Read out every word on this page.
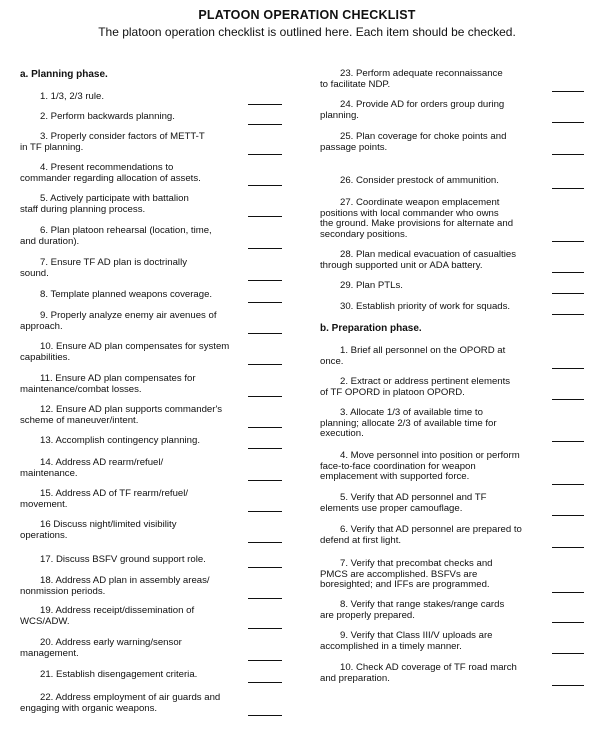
PLATOON OPERATION CHECKLIST
The platoon operation checklist is outlined here. Each item should be checked.
a. Planning phase.
1. 1/3, 2/3 rule.
2. Perform backwards planning.
3. Properly consider factors of METT-T
in TF planning.
4. Present recommendations to
commander regarding allocation of assets.
5. Actively participate with battalion
staff during planning process.
6. Plan platoon rehearsal (location, time,
and duration).
7. Ensure TF AD plan is doctrinally
sound.
8. Template planned weapons coverage.
9. Properly analyze enemy air avenues of
approach.
10. Ensure AD plan compensates for system
capabilities.
11. Ensure AD plan compensates for
maintenance/combat losses.
12. Ensure AD plan supports commander's
scheme of maneuver/intent.
13. Accomplish contingency planning.
14. Address AD rearm/refuel/
maintenance.
15. Address AD of TF rearm/refuel/
movement.
16 Discuss night/limited visibility
operations.
17. Discuss BSFV ground support role.
18. Address AD plan in assembly areas/
nonmission periods.
19. Address receipt/dissemination of
WCS/ADW.
20. Address early warning/sensor
management.
21. Establish disengagement criteria.
22. Address employment of air guards and
engaging with organic weapons.
b. Preparation phase.
23. Perform adequate reconnaissance
to facilitate NDP.
24. Provide AD for orders group during
planning.
25. Plan coverage for choke points and
passage points.
26. Consider prestock of ammunition.
27. Coordinate weapon emplacement
positions with local commander who owns
the ground. Make provisions for alternate and
secondary positions.
28. Plan medical evacuation of casualties
through supported unit or ADA battery.
29. Plan PTLs.
30. Establish priority of work for squads.
1. Brief all personnel on the OPORD at
once.
2. Extract or address pertinent elements
of TF OPORD in platoon OPORD.
3. Allocate 1/3 of available time to
planning; allocate 2/3 of available time for
execution.
4. Move personnel into position or perform
face-to-face coordination for weapon
emplacement with supported force.
5. Verify that AD personnel and TF
elements use proper camouflage.
6. Verify that AD personnel are prepared to
defend at first light.
7. Verify that precombat checks and
PMCS are accomplished. BSFVs are
boresighted; and IFFs are programmed.
8. Verify that range stakes/range cards
are properly prepared.
9. Verify that Class III/V uploads are
accomplished in a timely manner.
10. Check AD coverage of TF road march
and preparation.
